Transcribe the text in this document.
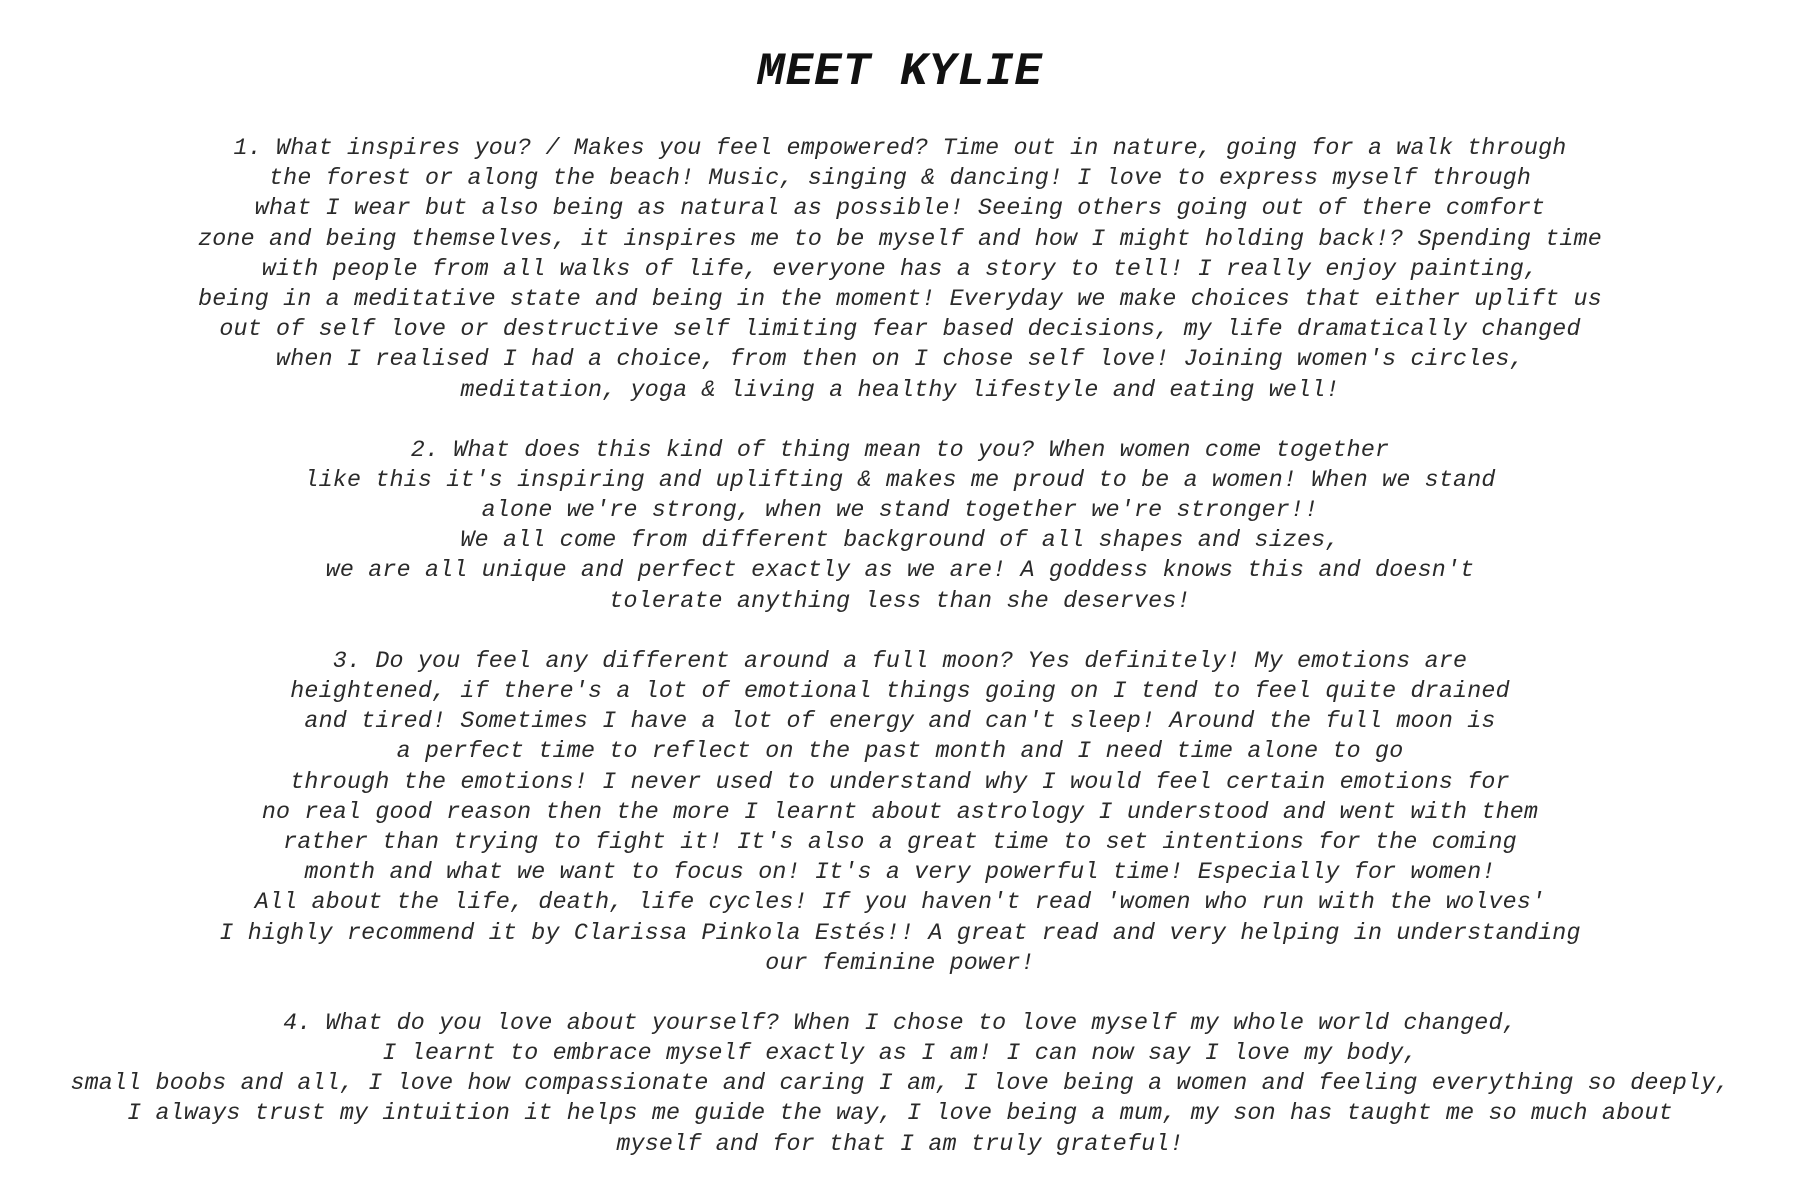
MEET KYLIE

1. What inspires you? / Makes you feel empowered? Time out in nature, going for a walk through
the forest or along the beach! Music, singing & dancing! I love to express myself through
what I wear but also being as natural as possible! Seeing others going out of there comfort
zone and being themselves, it inspires me to be myself and how I might holding back!? Spending time
with people from all walks of life, everyone has a story to tell! I really enjoy painting,
being in a meditative state and being in the moment! Everyday we make choices that either uplift us
out of self love or destructive self limiting fear based decisions, my life dramatically changed
when I realised I had a choice, from then on I chose self love! Joining women's circles,
meditation, yoga & living a healthy lifestyle and eating well!

2. What does this kind of thing mean to you? When women come together
like this it's inspiring and uplifting & makes me proud to be a women! When we stand
alone we're strong, when we stand together we're stronger!!
We all come from different background of all shapes and sizes,
we are all unique and perfect exactly as we are! A goddess knows this and doesn't
tolerate anything less than she deserves!

3. Do you feel any different around a full moon? Yes definitely! My emotions are
heightened, if there's a lot of emotional things going on I tend to feel quite drained
and tired! Sometimes I have a lot of energy and can't sleep! Around the full moon is
a perfect time to reflect on the past month and I need time alone to go
through the emotions! I never used to understand why I would feel certain emotions for
no real good reason then the more I learnt about astrology I understood and went with them
rather than trying to fight it! It's also a great time to set intentions for the coming
month and what we want to focus on! It's a very powerful time! Especially for women!
All about the life, death, life cycles! If you haven't read 'women who run with the wolves'
I highly recommend it by Clarissa Pinkola Estés!! A great read and very helping in understanding
our feminine power!

4. What do you love about yourself? When I chose to love myself my whole world changed,
I learnt to embrace myself exactly as I am! I can now say I love my body,
small boobs and all, I love how compassionate and caring I am, I love being a women and feeling everything so deeply,
I always trust my intuition it helps me guide the way, I love being a mum, my son has taught me so much about
myself and for that I am truly grateful!
